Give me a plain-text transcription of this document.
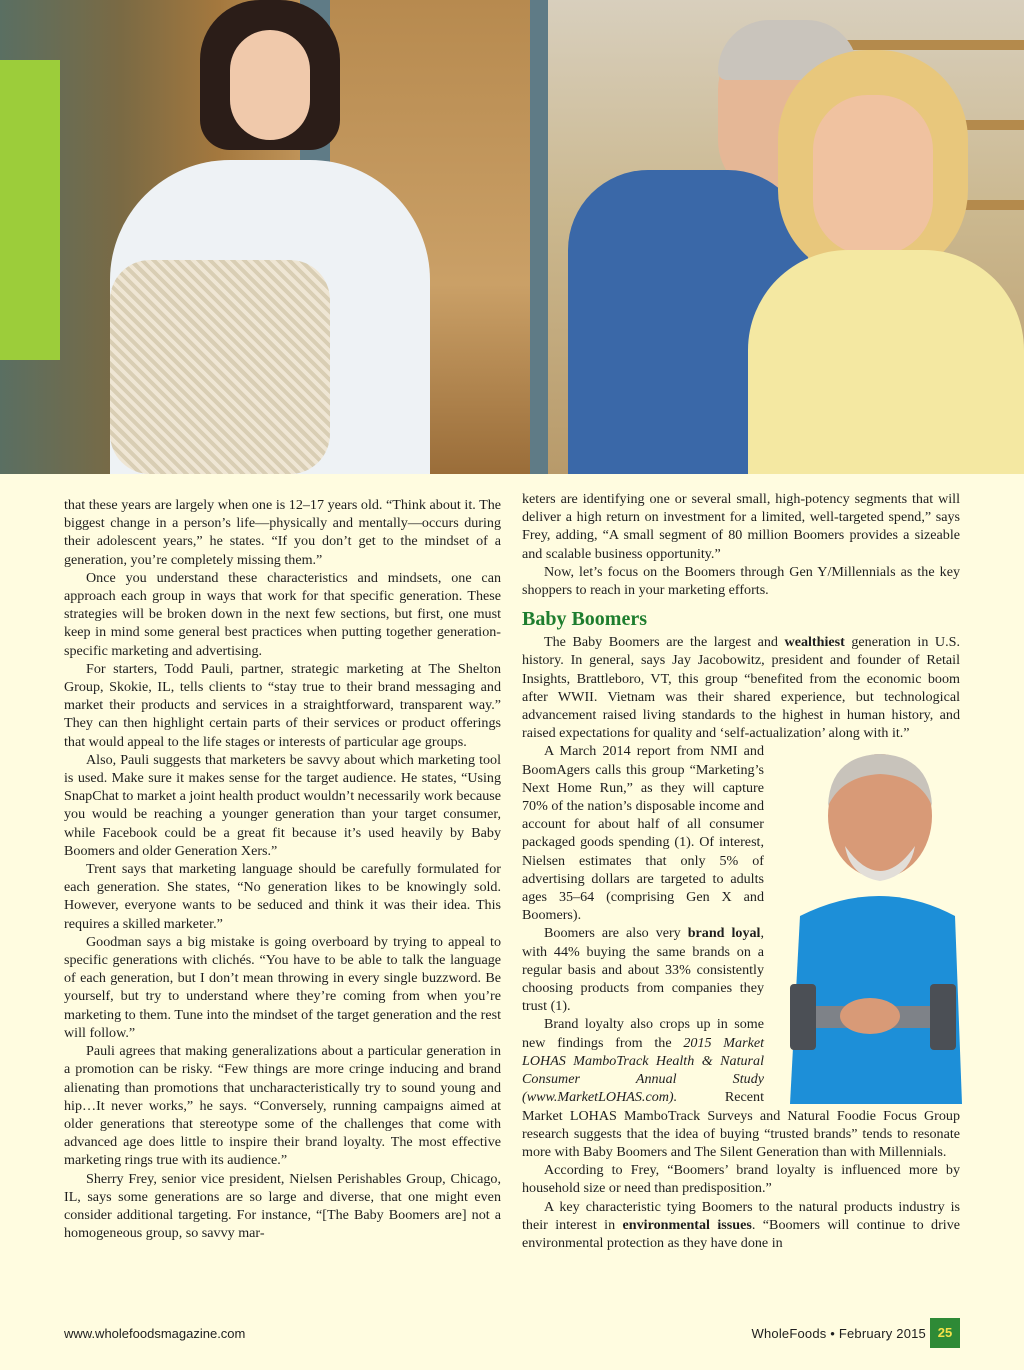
that these years are largely when one is 12–17 years old. “Think about it. The biggest change in a person’s life—physically and mentally—occurs during their adolescent years,” he states. “If you don’t get to the mindset of a generation, you’re completely missing them.”

Once you understand these characteristics and mindsets, one can approach each group in ways that work for that specific generation. These strategies will be broken down in the next few sections, but first, one must keep in mind some general best practices when putting together generation-specific marketing and advertising.

For starters, Todd Pauli, partner, strategic marketing at The Shelton Group, Skokie, IL, tells clients to “stay true to their brand messaging and market their products and services in a straightforward, transparent way.” They can then highlight certain parts of their services or product offerings that would appeal to the life stages or interests of particular age groups.

Also, Pauli suggests that marketers be savvy about which marketing tool is used. Make sure it makes sense for the target audience. He states, “Using SnapChat to market a joint health product wouldn’t necessarily work because you would be reaching a younger generation than your target consumer, while Facebook could be a great fit because it’s used heavily by Baby Boomers and older Generation Xers.”

Trent says that marketing language should be carefully formulated for each generation. She states, “No generation likes to be knowingly sold. However, everyone wants to be seduced and think it was their idea. This requires a skilled marketer.”

Goodman says a big mistake is going overboard by trying to appeal to specific generations with clichés. “You have to be able to talk the language of each generation, but I don’t mean throwing in every single buzzword. Be yourself, but try to understand where they’re coming from when you’re marketing to them. Tune into the mindset of the target generation and the rest will follow.”

Pauli agrees that making generalizations about a particular generation in a promotion can be risky. “Few things are more cringe inducing and brand alienating than promotions that uncharacteristically try to sound young and hip…It never works,” he says. “Conversely, running campaigns aimed at older generations that stereotype some of the challenges that come with advanced age does little to inspire their brand loyalty. The most effective marketing rings true with its audience.”

Sherry Frey, senior vice president, Nielsen Perishables Group, Chicago, IL, says some generations are so large and diverse, that one might even consider additional targeting. For instance, “[The Baby Boomers are] not a homogeneous group, so savvy mar-

keters are identifying one or several small, high-potency segments that will deliver a high return on investment for a limited, well-targeted spend,” says Frey, adding, “A small segment of 80 million Boomers provides a sizeable and scalable business opportunity.”

Now, let’s focus on the Boomers through Gen Y/Millennials as the key shoppers to reach in your marketing efforts.

Baby Boomers

The Baby Boomers are the largest and wealthiest generation in U.S. history. In general, says Jay Jacobowitz, president and founder of Retail Insights, Brattleboro, VT, this group “benefited from the economic boom after WWII. Vietnam was their shared experience, but technological advancement raised living standards to the highest in human history, and raised expectations for quality and ‘self-actualization’ along with it.”

A March 2014 report from NMI and BoomAgers calls this group “Marketing’s Next Home Run,” as they will capture 70% of the nation’s disposable income and account for about half of all consumer packaged goods spending (1). Of interest, Nielsen estimates that only 5% of advertising dollars are targeted to adults ages 35–64 (comprising Gen X and Boomers).

Boomers are also very brand loyal, with 44% buying the same brands on a regular basis and about 33% consistently choosing products from companies they trust (1).

Brand loyalty also crops up in some new findings from the 2015 Market LOHAS MamboTrack Health & Natural Consumer Annual Study (www.MarketLOHAS.com). Recent Market LOHAS MamboTrack Surveys and Natural Foodie Focus Group research suggests that the idea of buying “trusted brands” tends to resonate more with Baby Boomers and The Silent Generation than with Millennials.

According to Frey, “Boomers’ brand loyalty is influenced more by household size or need than predisposition.”

A key characteristic tying Boomers to the natural products industry is their interest in environmental issues. “Boomers will continue to drive environmental protection as they have done in

www.wholefoodsmagazine.com	WholeFoods • February 2015 25
